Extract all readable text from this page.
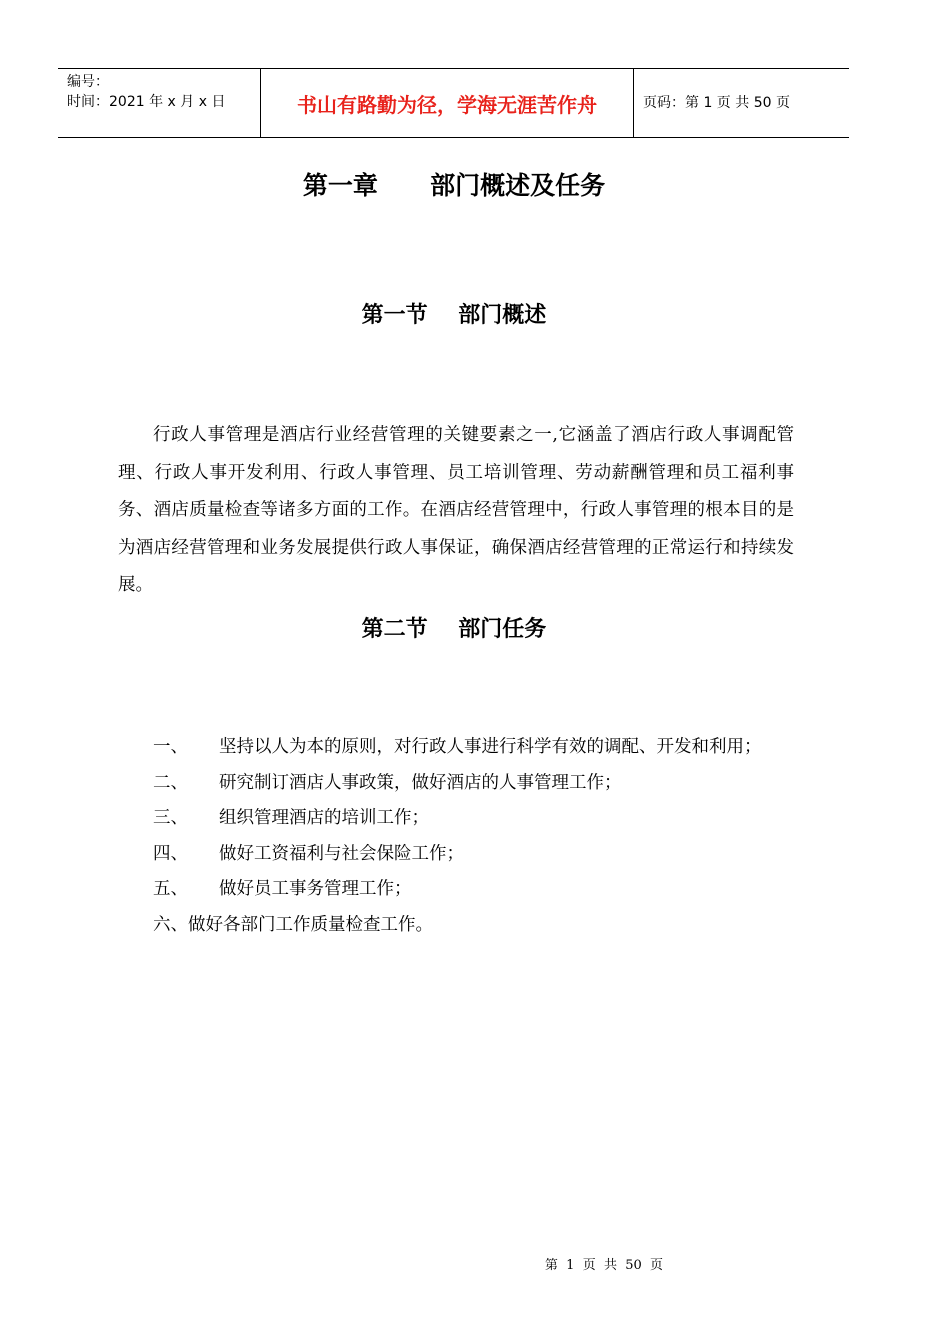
编号：
时间：2021 年 x 月 x 日	书山有路勤为径，学海无涯苦作舟	页码：第 1 页 共 50 页
第一章      部门概述及任务
第一节    部门概述

行政人事管理是酒店行业经营管理的关键要素之一,它涵盖了酒店行政人事调配管理、行政人事开发利用、行政人事管理、员工培训管理、劳动薪酬管理和员工福利事务、酒店质量检查等诸多方面的工作。在酒店经营管理中，行政人事管理的根本目的是为酒店经营管理和业务发展提供行政人事保证，确保酒店经营管理的正常运行和持续发展。

第二节    部门任务
一、	坚持以人为本的原则，对行政人事进行科学有效的调配、开发和利用；
二、	研究制订酒店人事政策，做好酒店的人事管理工作；
三、	组织管理酒店的培训工作；
四、	做好工资福利与社会保险工作；
五、	做好员工事务管理工作；
六、做好各部门工作质量检查工作。
第  1  页  共  50  页
